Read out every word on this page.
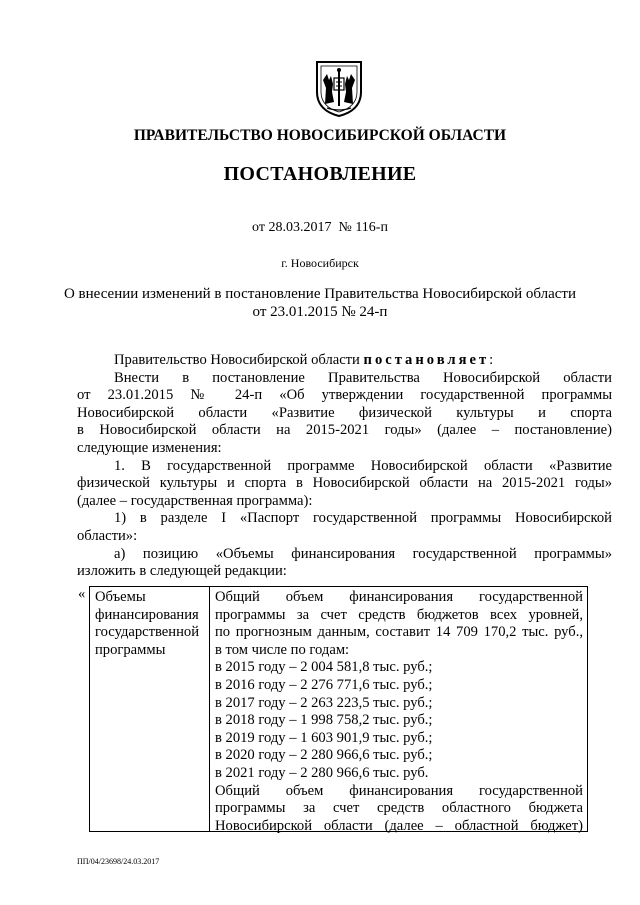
ПРАВИТЕЛЬСТВО НОВОСИБИРСКОЙ ОБЛАСТИ
ПОСТАНОВЛЕНИЕ
от 28.03.2017  № 116-п
г. Новосибирск
О внесении изменений в постановление Правительства Новосибирской области
от 23.01.2015 № 24-п
Правительство Новосибирской области постановляет:
Внести в постановление Правительства Новосибирской области
от 23.01.2015 № 24-п «Об утверждении государственной программы
Новосибирской области «Развитие физической культуры и спорта
в Новосибирской области на 2015-2021 годы» (далее – постановление)
следующие изменения:
1. В государственной программе Новосибирской области «Развитие
физической культуры и спорта в Новосибирской области на 2015-2021 годы»
(далее – государственная программа):
1) в разделе I «Паспорт государственной программы Новосибирской
области»:
а) позицию «Объемы финансирования государственной программы»
изложить в следующей редакции:
« Объемы
финансирования
государственной
программы
Общий объем финансирования государственной
программы за счет средств бюджетов всех уровней,
по прогнозным данным, составит 14 709 170,2 тыс. руб.,
в том числе по годам:
в 2015 году – 2 004 581,8 тыс. руб.;
в 2016 году – 2 276 771,6 тыс. руб.;
в 2017 году – 2 263 223,5 тыс. руб.;
в 2018 году – 1 998 758,2 тыс. руб.;
в 2019 году – 1 603 901,9 тыс. руб.;
в 2020 году – 2 280 966,6 тыс. руб.;
в 2021 году – 2 280 966,6 тыс. руб.
Общий объем финансирования государственной
программы за счет средств областного бюджета
Новосибирской области (далее – областной бюджет)
ПП/04/23698/24.03.2017
